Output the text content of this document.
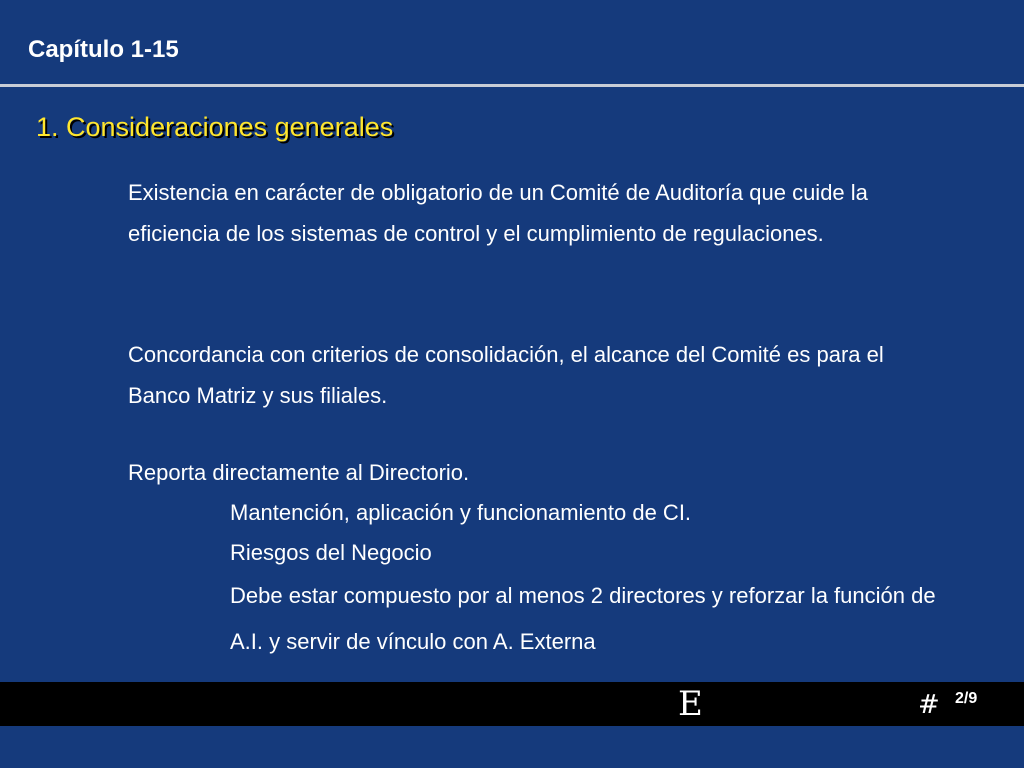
Capítulo 1-15
1. Consideraciones generales
Existencia en carácter de obligatorio de un Comité de Auditoría que cuide la eficiencia de los sistemas de control y el cumplimiento de regulaciones.
Concordancia con criterios de consolidación, el alcance del Comité es para el Banco Matriz y sus filiales.
Reporta directamente al Directorio.
Mantención, aplicación y funcionamiento de CI.
Riesgos del Negocio
Debe estar compuesto por al menos 2 directores y reforzar la función de A.I. y servir de vínculo con A. Externa
E	# 2/9
